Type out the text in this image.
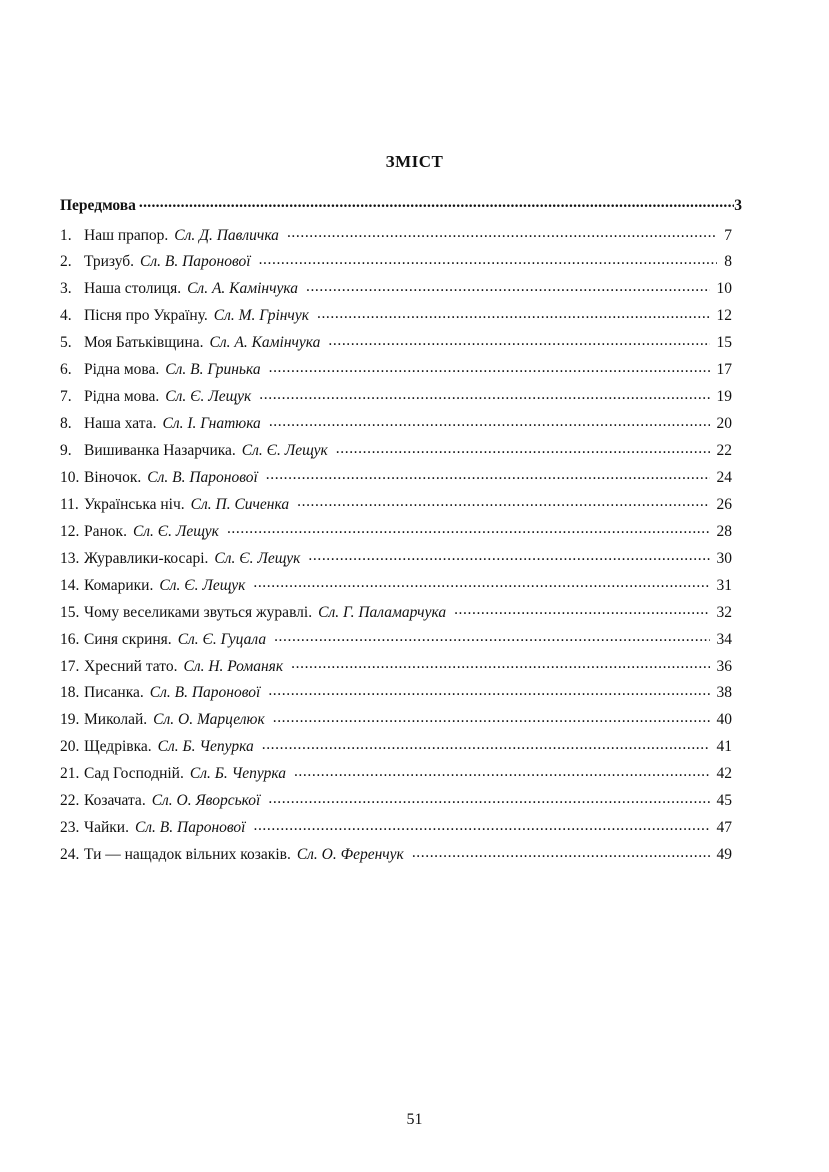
ЗМІСТ
Передмова .....	3
1. Наш прапор. Сл. Д. Павличка .....	7
2. Тризуб. Сл. В. Паронової .....	8
3. Наша столиця. Сл. А. Камінчука .....	10
4. Пісня про Україну. Сл. М. Грінчук .....	12
5. Моя Батьківщина. Сл. А. Камінчука .....	15
6. Рідна мова. Сл. В. Гринька .....	17
7. Рідна мова. Сл. Є. Лещук .....	19
8. Наша хата. Сл. І. Гнатюка .....	20
9. Вишиванка Назарчика. Сл. Є. Лещук .....	22
10. Віночок. Сл. В. Паронової .....	24
11. Українська ніч. Сл. П. Сиченка .....	26
12. Ранок. Сл. Є. Лещук .....	28
13. Журавлики-косарі. Сл. Є. Лещук .....	30
14. Комарики. Сл. Є. Лещук .....	31
15. Чому веселиками звуться журавлі. Сл. Г. Паламарчука .....	32
16. Синя скриня. Сл. Є. Гуцала .....	34
17. Хресний тато. Сл. Н. Романяк .....	36
18. Писанка. Сл. В. Паронової .....	38
19. Миколай. Сл. О. Марцелюк .....	40
20. Щедрівка. Сл. Б. Чепурка .....	41
21. Сад Господній. Сл. Б. Чепурка .....	42
22. Козачата. Сл. О. Яворської .....	45
23. Чайки. Сл. В. Паронової .....	47
24. Ти — нащадок вільних козаків. Сл. О. Ференчук .....	49
51
